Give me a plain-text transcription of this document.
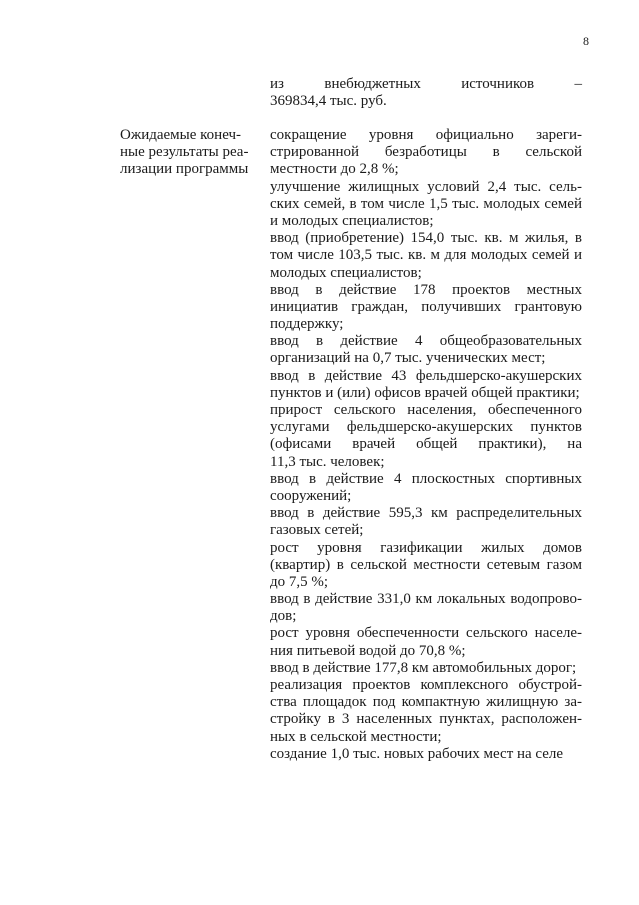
8
из внебюджетных источников –
369834,4 тыс. руб.
Ожидаемые конеч-
ные результаты реа-
лизации программы
сокращение уровня официально зареги-
стрированной безработицы в сельской
местности до 2,8 %;
улучшение жилищных условий 2,4 тыс. сель-
ских семей, в том числе 1,5 тыс. молодых семей
и молодых специалистов;
ввод (приобретение) 154,0 тыс. кв. м жилья, в
том числе 103,5 тыс. кв. м для молодых семей и
молодых специалистов;
ввод в действие 178 проектов местных
инициатив граждан, получивших грантовую
поддержку;
ввод в действие 4 общеобразовательных
организаций на 0,7 тыс. ученических мест;
ввод в действие 43 фельдшерско-акушерских
пунктов и (или) офисов врачей общей практики;
прирост сельского населения, обеспеченного
услугами фельдшерско-акушерских пунктов
(офисами врачей общей практики), на
11,3 тыс. человек;
ввод в действие 4 плоскостных спортивных
сооружений;
ввод в действие 595,3 км распределительных
газовых сетей;
рост уровня газификации жилых домов
(квартир) в сельской местности сетевым газом
до 7,5 %;
ввод в действие 331,0 км локальных водопрово-
дов;
рост уровня обеспеченности сельского населе-
ния питьевой водой до 70,8 %;
ввод в действие 177,8 км автомобильных дорог;
реализация проектов комплексного обустрой-
ства площадок под компактную жилищную за-
стройку в 3 населенных пунктах, расположен-
ных в сельской местности;
создание 1,0 тыс. новых рабочих мест на селе
